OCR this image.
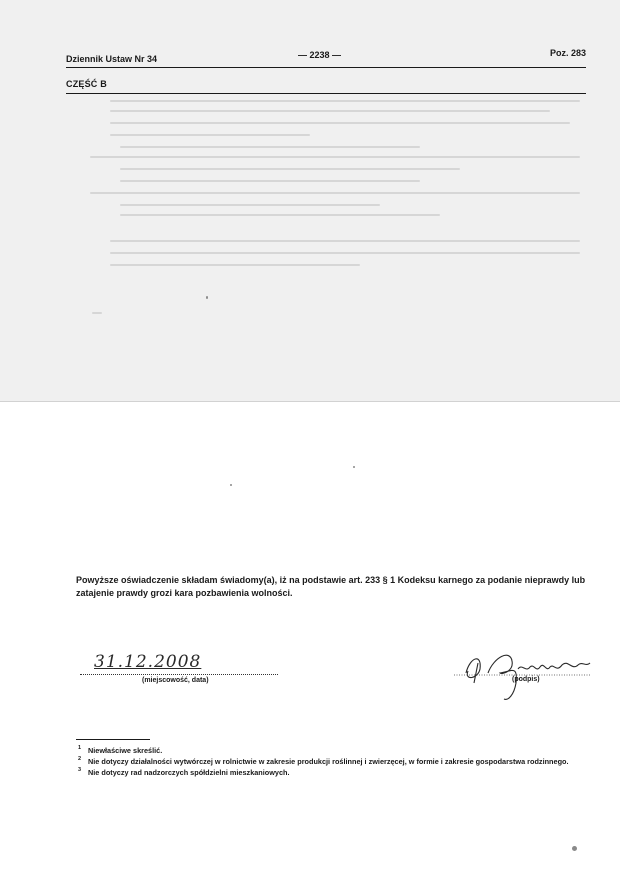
Dziennik Ustaw Nr 34	— 2238 —	Poz. 283
CZĘŚĆ B

Powyższe oświadczenie składam świadomy(a), iż na podstawie art. 233 § 1 Kodeksu karnego za podanie nieprawdy lub zatajenie prawdy grozi kara pozbawienia wolności.

31.12.2008
(miejscowość, data)	(podpis)
1 Niewłaściwe skreślić.
2 Nie dotyczy działalności wytwórczej w rolnictwie w zakresie produkcji roślinnej i zwierzęcej, w formie i zakresie gospodarstwa rodzinnego.
3 Nie dotyczy rad nadzorczych spółdzielni mieszkaniowych.
